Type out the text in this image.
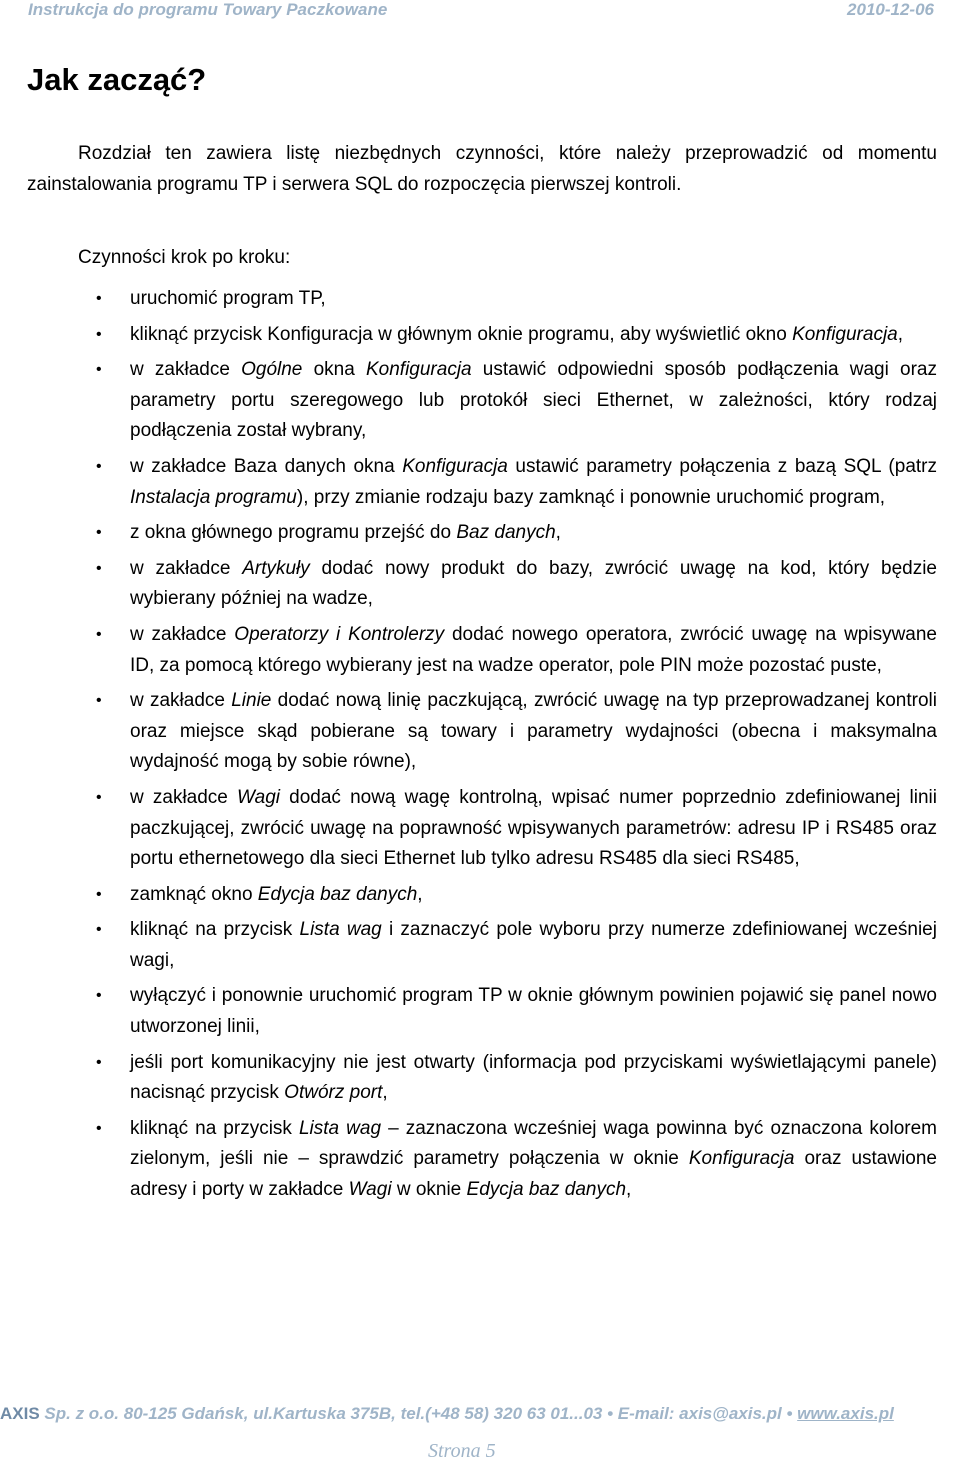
Instrukcja do programu Towary Paczkowane	2010-12-06
Jak zacząć?

Rozdział ten zawiera listę niezbędnych czynności, które należy przeprowadzić od momentu zainstalowania programu TP i serwera SQL do rozpoczęcia pierwszej kontroli.

Czynności krok po kroku:

• uruchomić program TP,
• kliknąć przycisk Konfiguracja w głównym oknie programu, aby wyświetlić okno Konfiguracja,
• w zakładce Ogólne okna Konfiguracja ustawić odpowiedni sposób podłączenia wagi oraz parametry portu szeregowego lub protokół sieci Ethernet, w zależności, który rodzaj podłączenia został wybrany,
• w zakładce Baza danych okna Konfiguracja ustawić parametry połączenia z bazą SQL (patrz Instalacja programu), przy zmianie rodzaju bazy zamknąć i ponownie uruchomić program,
• z okna głównego programu przejść do Baz danych,
• w zakładce Artykuły dodać nowy produkt do bazy, zwrócić uwagę na kod, który będzie wybierany później na wadze,
• w zakładce Operatorzy i Kontrolerzy dodać nowego operatora, zwrócić uwagę na wpisywane ID, za pomocą którego wybierany jest na wadze operator, pole PIN może pozostać puste,
• w zakładce Linie dodać nową linię paczkującą, zwrócić uwagę na typ przeprowadzanej kontroli oraz miejsce skąd pobierane są towary i parametry wydajności (obecna i maksymalna wydajność mogą by sobie równe),
• w zakładce Wagi dodać nową wagę kontrolną, wpisać numer poprzednio zdefiniowanej linii paczkującej, zwrócić uwagę na poprawność wpisywanych parametrów: adresu IP i RS485 oraz portu ethernetowego dla sieci Ethernet lub tylko adresu RS485 dla sieci RS485,
• zamknąć okno Edycja baz danych,
• kliknąć na przycisk Lista wag i zaznaczyć pole wyboru przy numerze zdefiniowanej wcześniej wagi,
• wyłączyć i ponownie uruchomić program TP w oknie głównym powinien pojawić się panel nowo utworzonej linii,
• jeśli port komunikacyjny nie jest otwarty (informacja pod przyciskami wyświetlającymi panele) nacisnąć przycisk Otwórz port,
• kliknąć na przycisk Lista wag – zaznaczona wcześniej waga powinna być oznaczona kolorem zielonym, jeśli nie – sprawdzić parametry połączenia w oknie Konfiguracja oraz ustawione adresy i porty w zakładce Wagi w oknie Edycja baz danych,
AXIS Sp. z o.o. 80-125 Gdańsk, ul.Kartuska 375B, tel.(+48 58) 320 63 01...03 • E-mail: axis@axis.pl • www.axis.pl
Strona 5
